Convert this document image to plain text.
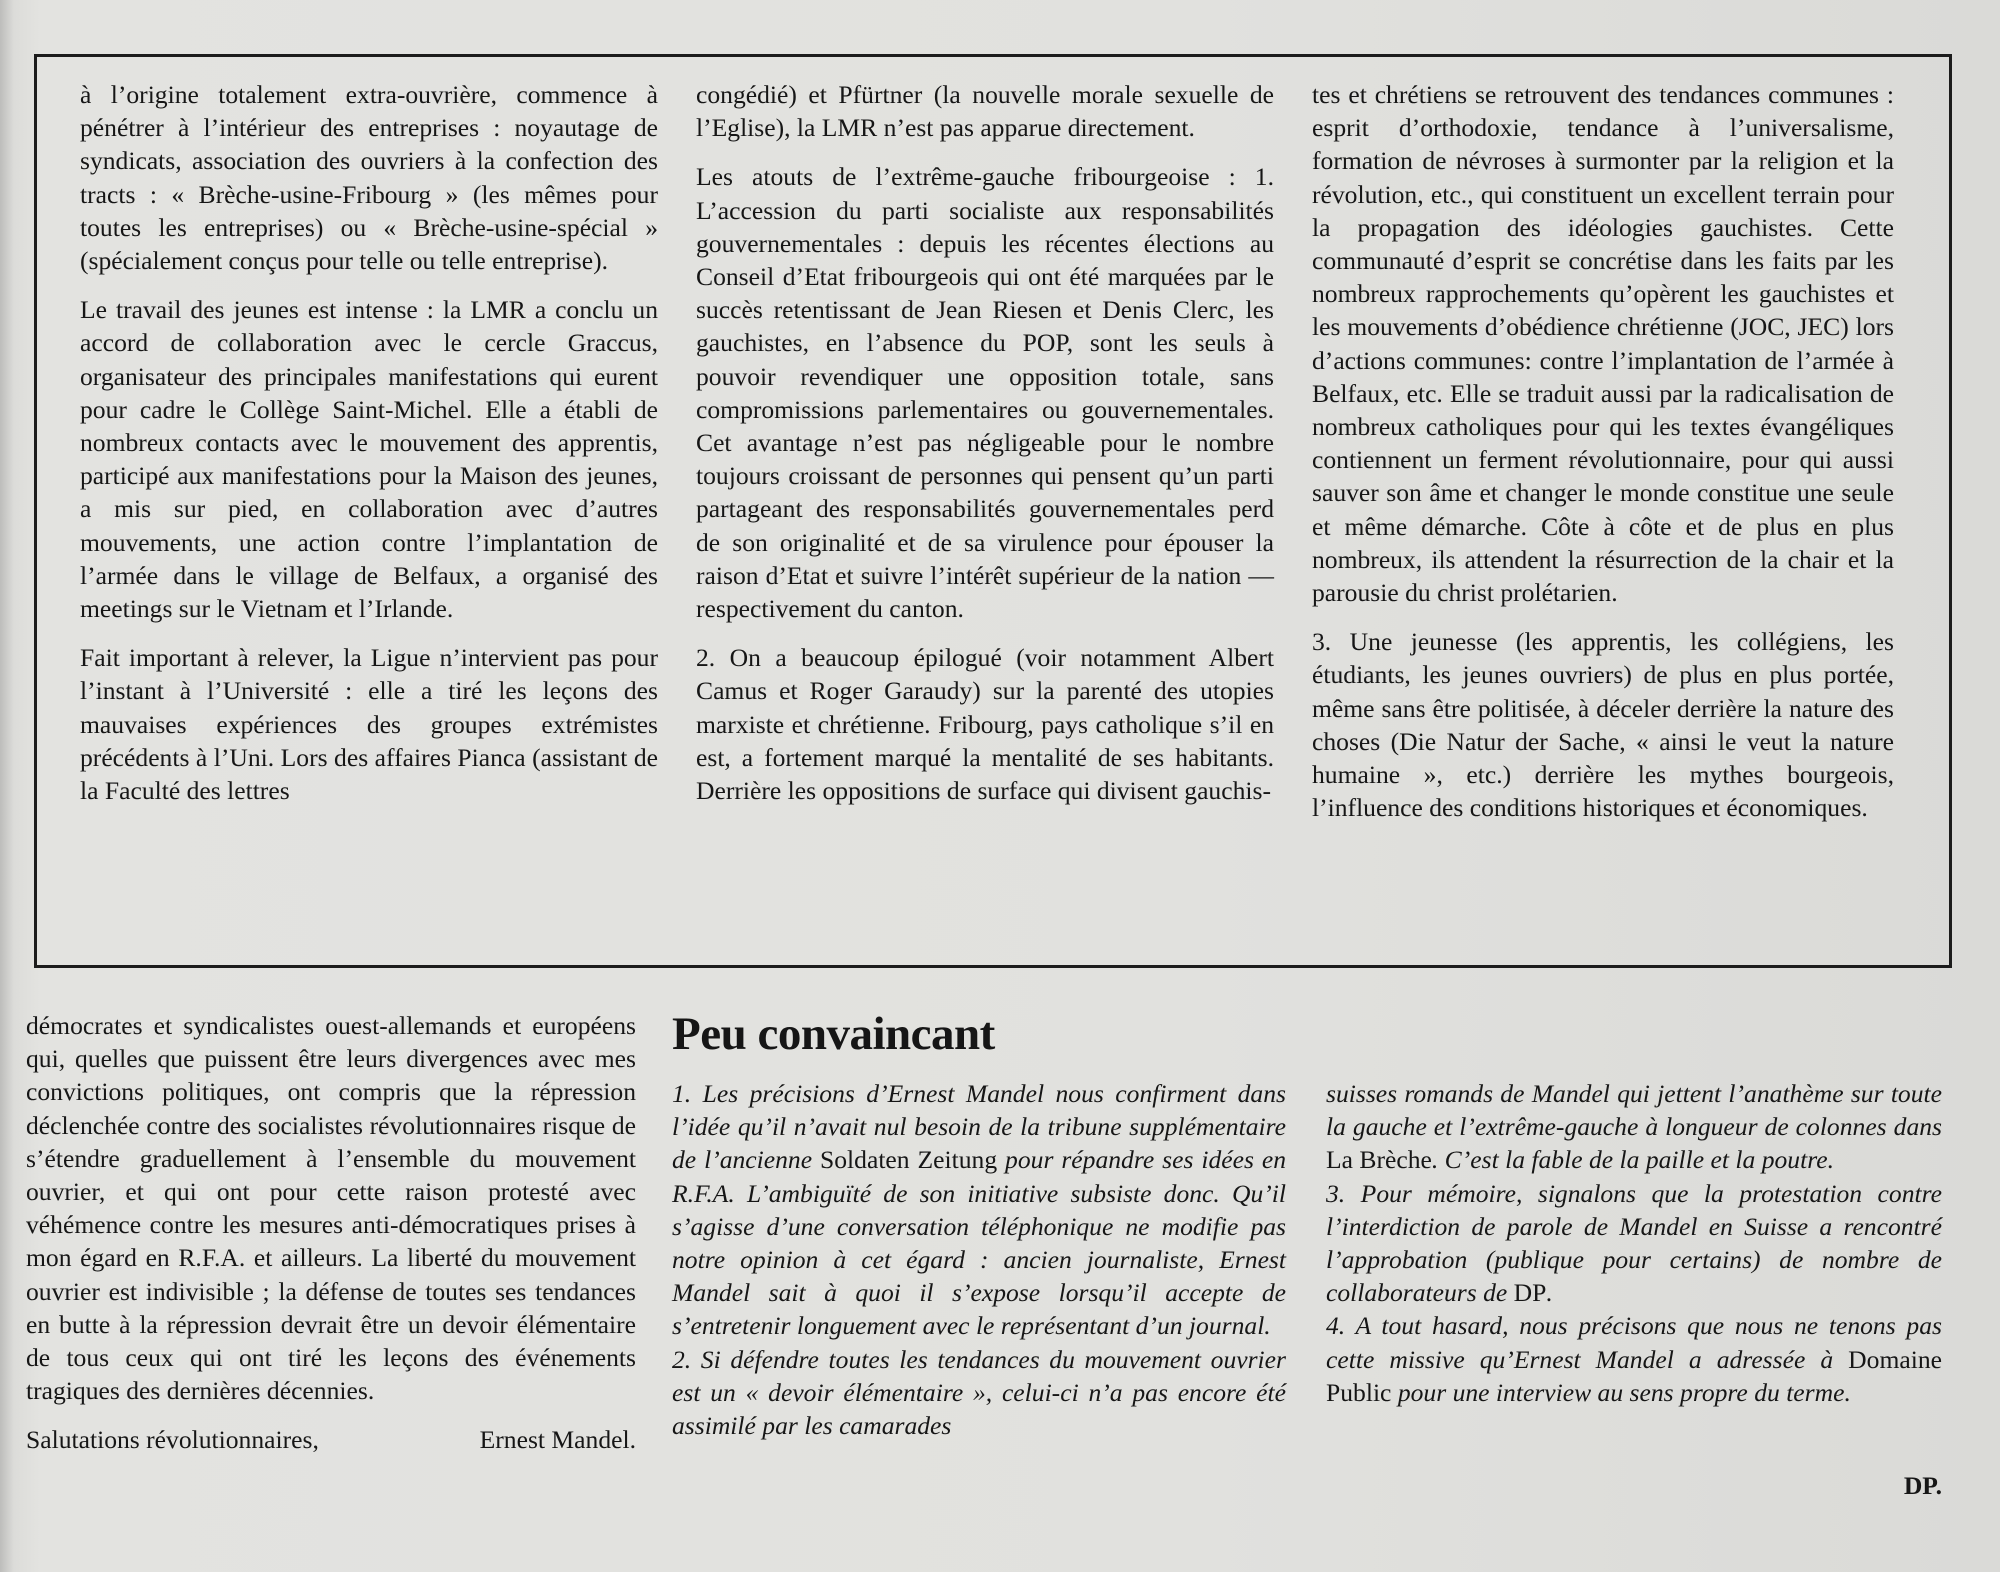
à l’origine totalement extra-ouvrière, commence à pénétrer à l’intérieur des entreprises : noyautage de syndicats, association des ouvriers à la confection des tracts : « Brèche-usine-Fribourg » (les mêmes pour toutes les entreprises) ou « Brèche-usine-spécial » (spécialement conçus pour telle ou telle entreprise).

Le travail des jeunes est intense : la LMR a conclu un accord de collaboration avec le cercle Graccus, organisateur des principales manifestations qui eurent pour cadre le Collège Saint-Michel. Elle a établi de nombreux contacts avec le mouvement des apprentis, participé aux manifestations pour la Maison des jeunes, a mis sur pied, en collaboration avec d’autres mouvements, une action contre l’implantation de l’armée dans le village de Belfaux, a organisé des meetings sur le Vietnam et l’Irlande.

Fait important à relever, la Ligue n’intervient pas pour l’instant à l’Université : elle a tiré les leçons des mauvaises expériences des groupes extrémistes précédents à l’Uni. Lors des affaires Pianca (assistant de la Faculté des lettres

congédié) et Pfürtner (la nouvelle morale sexuelle de l’Eglise), la LMR n’est pas apparue directement.

Les atouts de l’extrême-gauche fribourgeoise : 1. L’accession du parti socialiste aux responsabilités gouvernementales : depuis les récentes élections au Conseil d’Etat fribourgeois qui ont été marquées par le succès retentissant de Jean Riesen et Denis Clerc, les gauchistes, en l’absence du POP, sont les seuls à pouvoir revendiquer une opposition totale, sans compromissions parlementaires ou gouvernementales. Cet avantage n’est pas négligeable pour le nombre toujours croissant de personnes qui pensent qu’un parti partageant des responsabilités gouvernementales perd de son originalité et de sa virulence pour épouser la raison d’Etat et suivre l’intérêt supérieur de la nation — respectivement du canton.

2. On a beaucoup épilogué (voir notamment Albert Camus et Roger Garaudy) sur la parenté des utopies marxiste et chrétienne. Fribourg, pays catholique s’il en est, a fortement marqué la mentalité de ses habitants. Derrière les oppositions de surface qui divisent gauchis-

tes et chrétiens se retrouvent des tendances communes : esprit d’orthodoxie, tendance à l’universalisme, formation de névroses à surmonter par la religion et la révolution, etc., qui constituent un excellent terrain pour la propagation des idéologies gauchistes. Cette communauté d’esprit se concrétise dans les faits par les nombreux rapprochements qu’opèrent les gauchistes et les mouvements d’obédience chrétienne (JOC, JEC) lors d’actions communes: contre l’implantation de l’armée à Belfaux, etc. Elle se traduit aussi par la radicalisation de nombreux catholiques pour qui les textes évangéliques contiennent un ferment révolutionnaire, pour qui aussi sauver son âme et changer le monde constitue une seule et même démarche. Côte à côte et de plus en plus nombreux, ils attendent la résurrection de la chair et la parousie du christ prolétarien.

3. Une jeunesse (les apprentis, les collégiens, les étudiants, les jeunes ouvriers) de plus en plus portée, même sans être politisée, à déceler derrière la nature des choses (Die Natur der Sache, « ainsi le veut la nature humaine », etc.) derrière les mythes bourgeois, l’influence des conditions historiques et économiques.

démocrates et syndicalistes ouest-allemands et européens qui, quelles que puissent être leurs divergences avec mes convictions politiques, ont compris que la répression déclenchée contre des socialistes révolutionnaires risque de s’étendre graduellement à l’ensemble du mouvement ouvrier, et qui ont pour cette raison protesté avec véhémence contre les mesures anti-démocratiques prises à mon égard en R.F.A. et ailleurs. La liberté du mouvement ouvrier est indivisible ; la défense de toutes ses tendances en butte à la répression devrait être un devoir élémentaire de tous ceux qui ont tiré les leçons des événements tragiques des dernières décennies.

Salutations révolutionnaires,	Ernest Mandel.
Peu convaincant

1. Les précisions d’Ernest Mandel nous confirment dans l’idée qu’il n’avait nul besoin de la tribune supplémentaire de l’ancienne Soldaten Zeitung pour répandre ses idées en R.F.A. L’ambiguïté de son initiative subsiste donc. Qu’il s’agisse d’une conversation téléphonique ne modifie pas notre opinion à cet égard : ancien journaliste, Ernest Mandel sait à quoi il s’expose lorsqu’il accepte de s’entretenir longuement avec le représentant d’un journal.

2. Si défendre toutes les tendances du mouvement ouvrier est un « devoir élémentaire », celui-ci n’a pas encore été assimilé par les camarades

suisses romands de Mandel qui jettent l’anathème sur toute la gauche et l’extrême-gauche à longueur de colonnes dans La Brèche. C’est la fable de la paille et la poutre.

3. Pour mémoire, signalons que la protestation contre l’interdiction de parole de Mandel en Suisse a rencontré l’approbation (publique pour certains) de nombre de collaborateurs de DP.

4. A tout hasard, nous précisons que nous ne tenons pas cette missive qu’Ernest Mandel a adressée à Domaine Public pour une interview au sens propre du terme.

DP.
